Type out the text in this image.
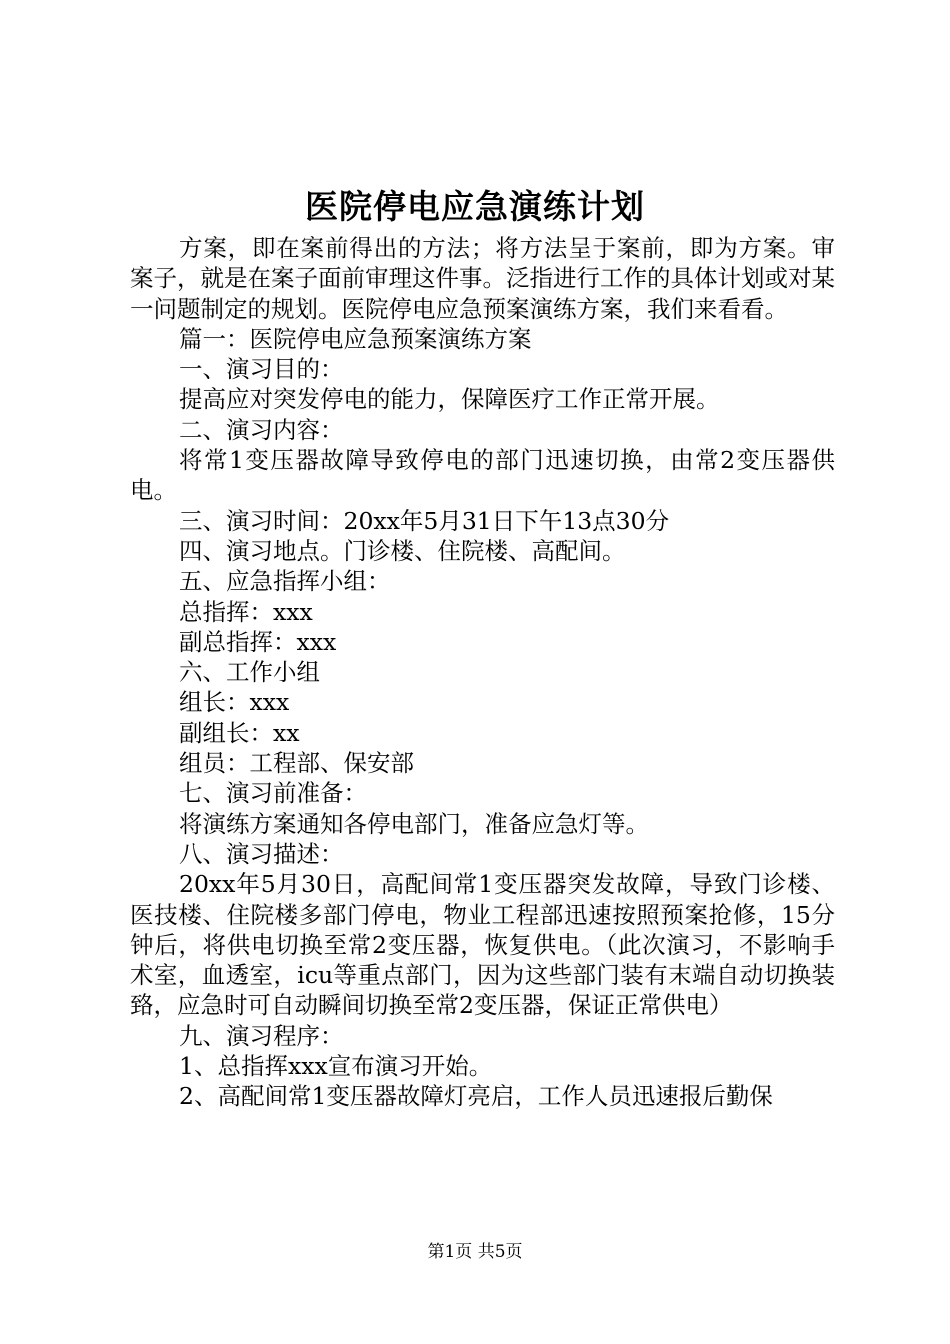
医院停电应急演练计划

方案，即在案前得出的方法；将方法呈于案前，即为方案。审案子，就是在案子面前审理这件事。泛指进行工作的具体计划或对某一问题制定的规划。医院停电应急预案演练方案，我们来看看。

篇一：医院停电应急预案演练方案

一、演习目的：

提高应对突发停电的能力，保障医疗工作正常开展。

二、演习内容：

将常1变压器故障导致停电的部门迅速切换，由常2变压器供电。

三、演习时间：20xx年5月31日下午13点30分

四、演习地点。门诊楼、住院楼、高配间。

五、应急指挥小组：

总指挥：xxx

副总指挥：xxx

六、工作小组

组长：xxx

副组长：xx

组员：工程部、保安部

七、演习前准备：

将演练方案通知各停电部门，准备应急灯等。

八、演习描述：

20xx年5月30日，高配间常1变压器突发故障，导致门诊楼、医技楼、住院楼多部门停电，物业工程部迅速按照预案抢修，15分钟后，将供电切换至常2变压器，恢复供电。（此次演习，不影响手术室，血透室，icu等重点部门，因为这些部门装有末端自动切换装臵，应急时可自动瞬间切换至常2变压器，保证正常供电）

九、演习程序：

1、总指挥xxx宣布演习开始。

2、高配间常1变压器故障灯亮启，工作人员迅速报后勤保

第1页 共5页
